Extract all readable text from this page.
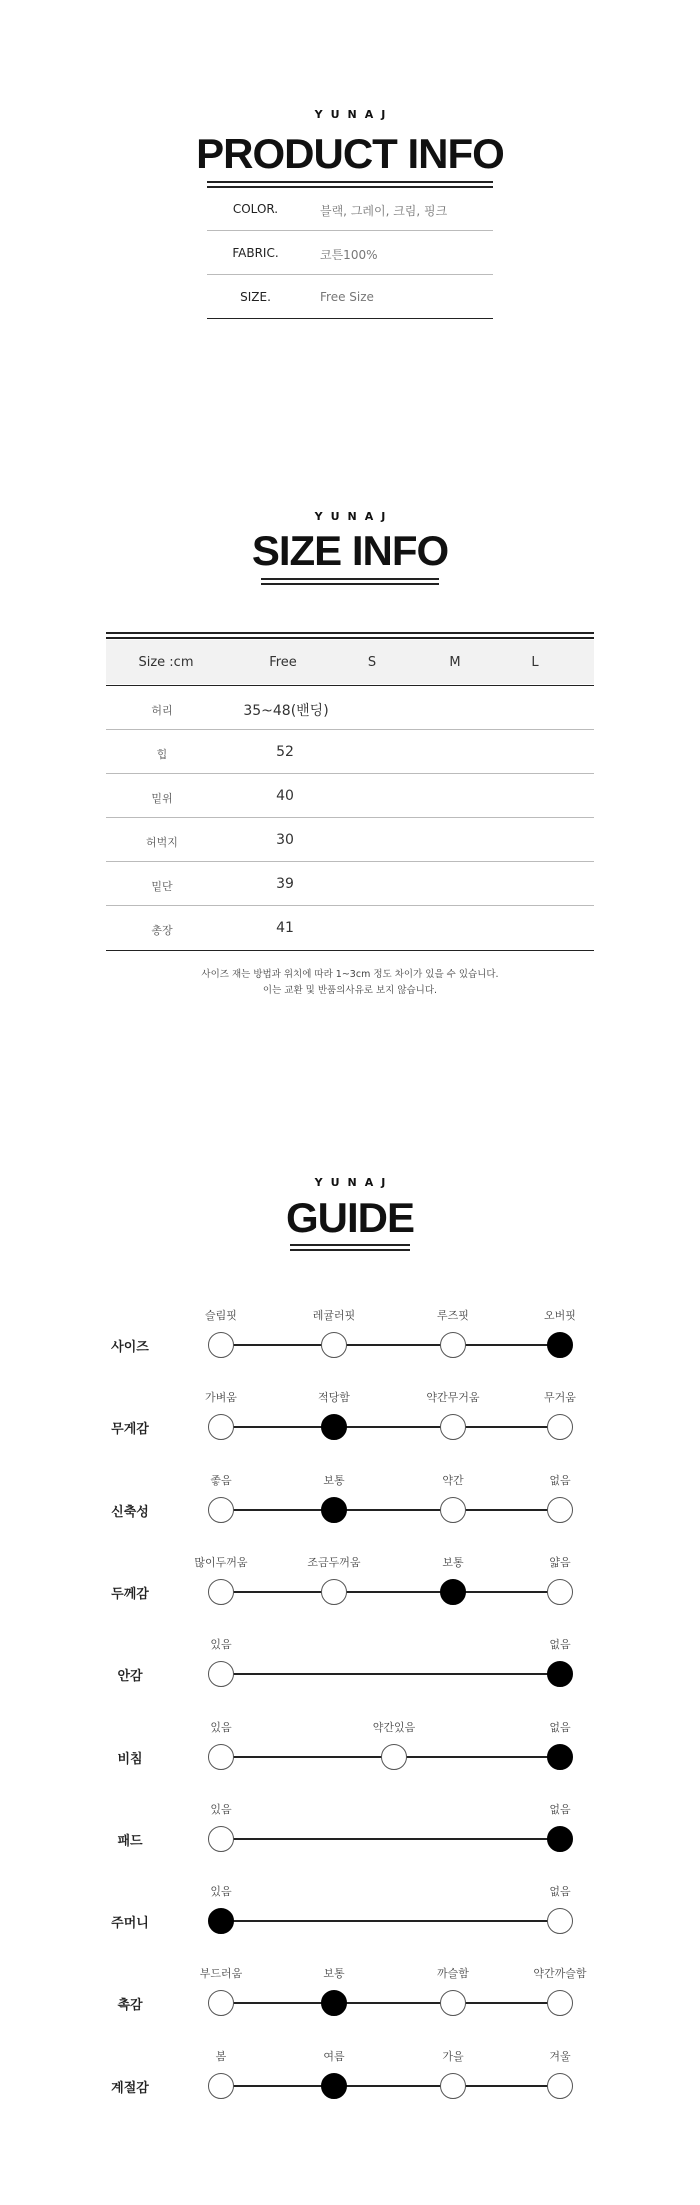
YUNAJ
PRODUCT INFO
COLOR.	블랙, 그레이, 크림, 핑크
FABRIC.	코튼100%
SIZE.	Free Size
YUNAJ
SIZE INFO
Size :cm	Free	S	M	L
허리	35~48(밴딩)
힙	52
밑위	40
허벅지	30
밑단	39
총장	41
사이즈 재는 방법과 위치에 따라 1~3cm 정도 차이가 있을 수 있습니다.
이는 교환 및 반품의사유로 보지 않습니다.
YUNAJ
GUIDE
사이즈
슬림핏	레귤러핏	루즈핏	오버핏
무게감
가벼움	적당함	약간무거움	무거움
신축성
좋음	보통	약간	없음
두께감
많이두꺼움	조금두꺼움	보통	얇음
안감
있음	없음
비침
있음	약간있음	없음
패드
있음	없음
주머니
있음	없음
촉감
부드러움	보통	까슬함	약간까슬함
계절감
봄	여름	가을	겨울
